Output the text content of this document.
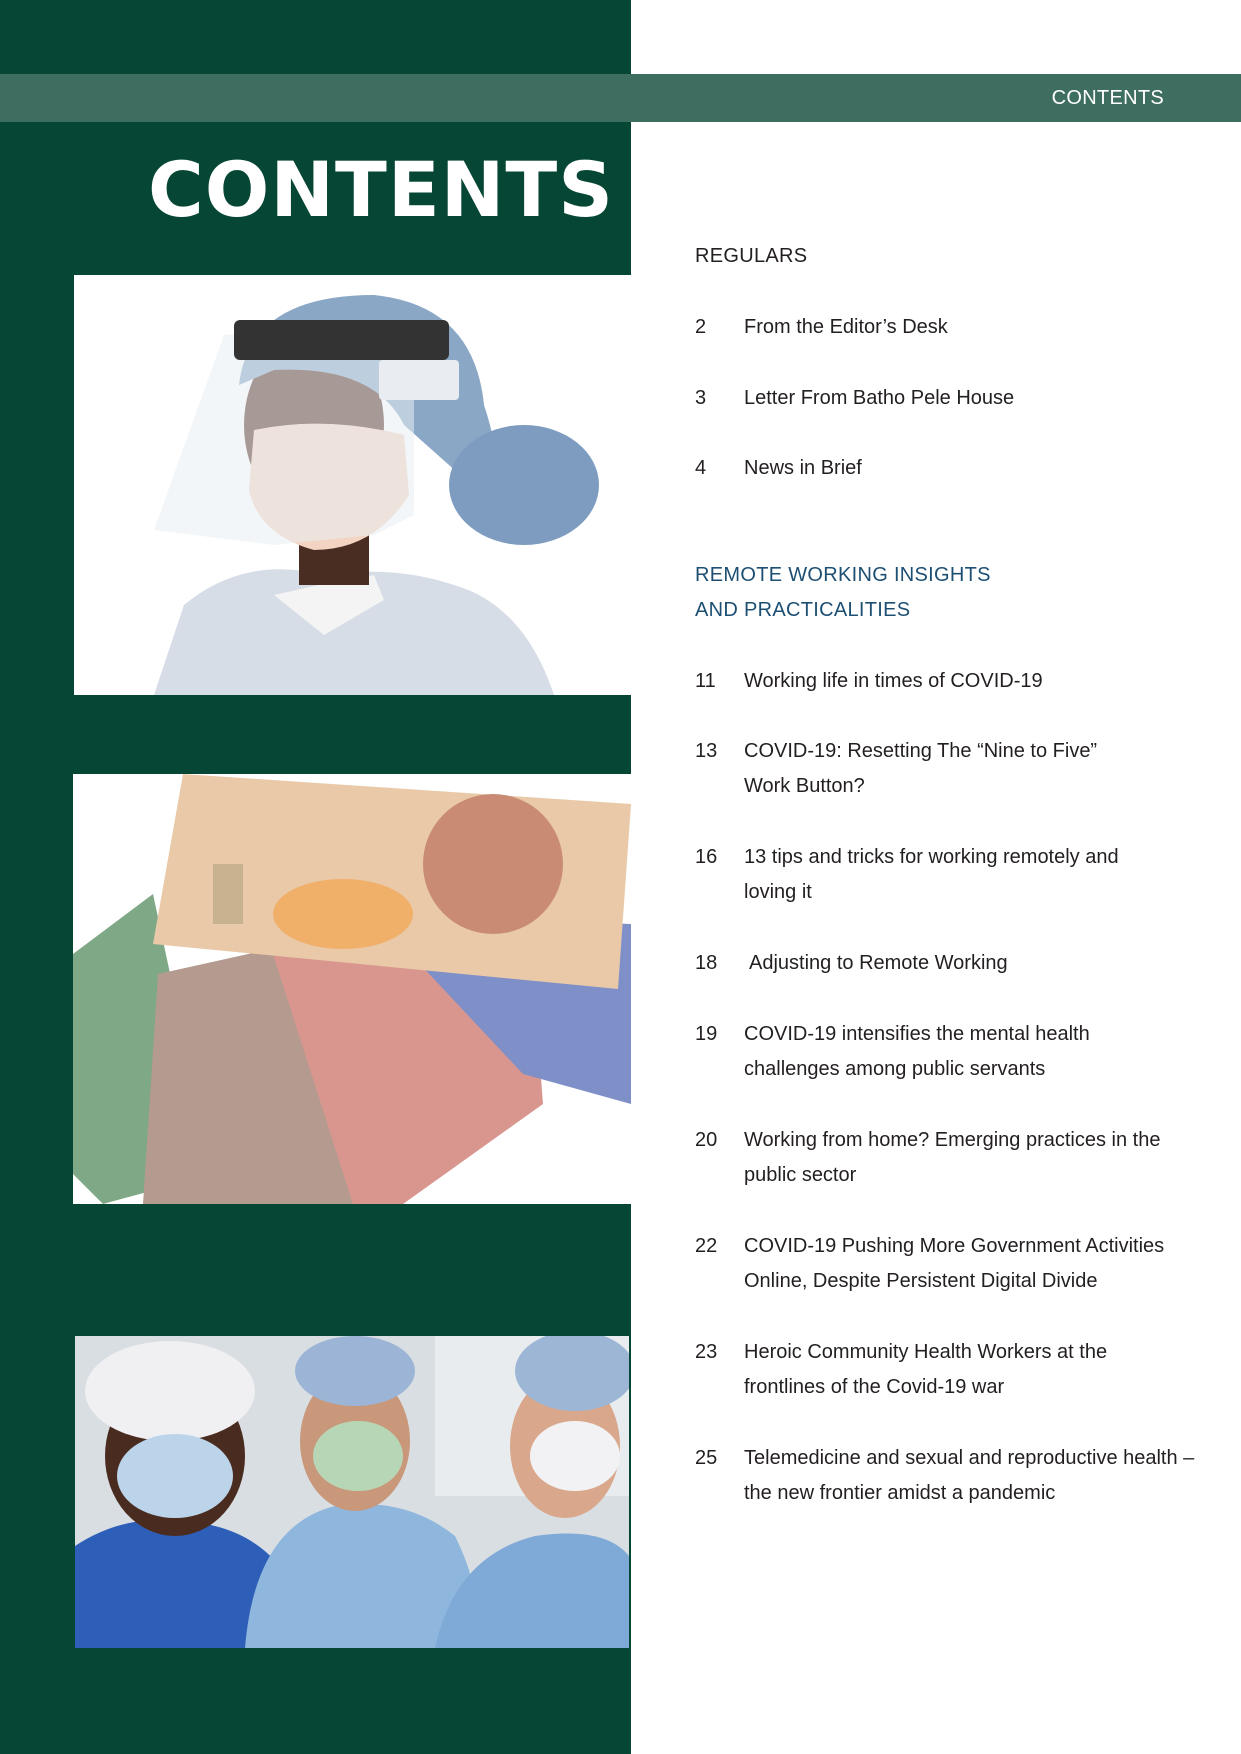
CONTENTS
CONTENTS
REGULARS
2	From the Editor’s Desk
3	Letter From Batho Pele House
4	News in Brief
REMOTE WORKING INSIGHTS
AND PRACTICALITIES
11	Working life in times of COVID-19
13	COVID-19: Resetting The “Nine to Five” Work Button?
16	13 tips and tricks for working remotely and loving it
18	Adjusting to Remote Working
19	COVID-19 intensifies the mental health challenges among public servants
20	Working from home? Emerging practices in the public sector
22	COVID-19 Pushing More Government Activities Online, Despite Persistent Digital Divide
23	Heroic Community Health Workers at the frontlines of the Covid-19 war
25	Telemedicine and sexual and reproductive health – the new frontier amidst a pandemic
